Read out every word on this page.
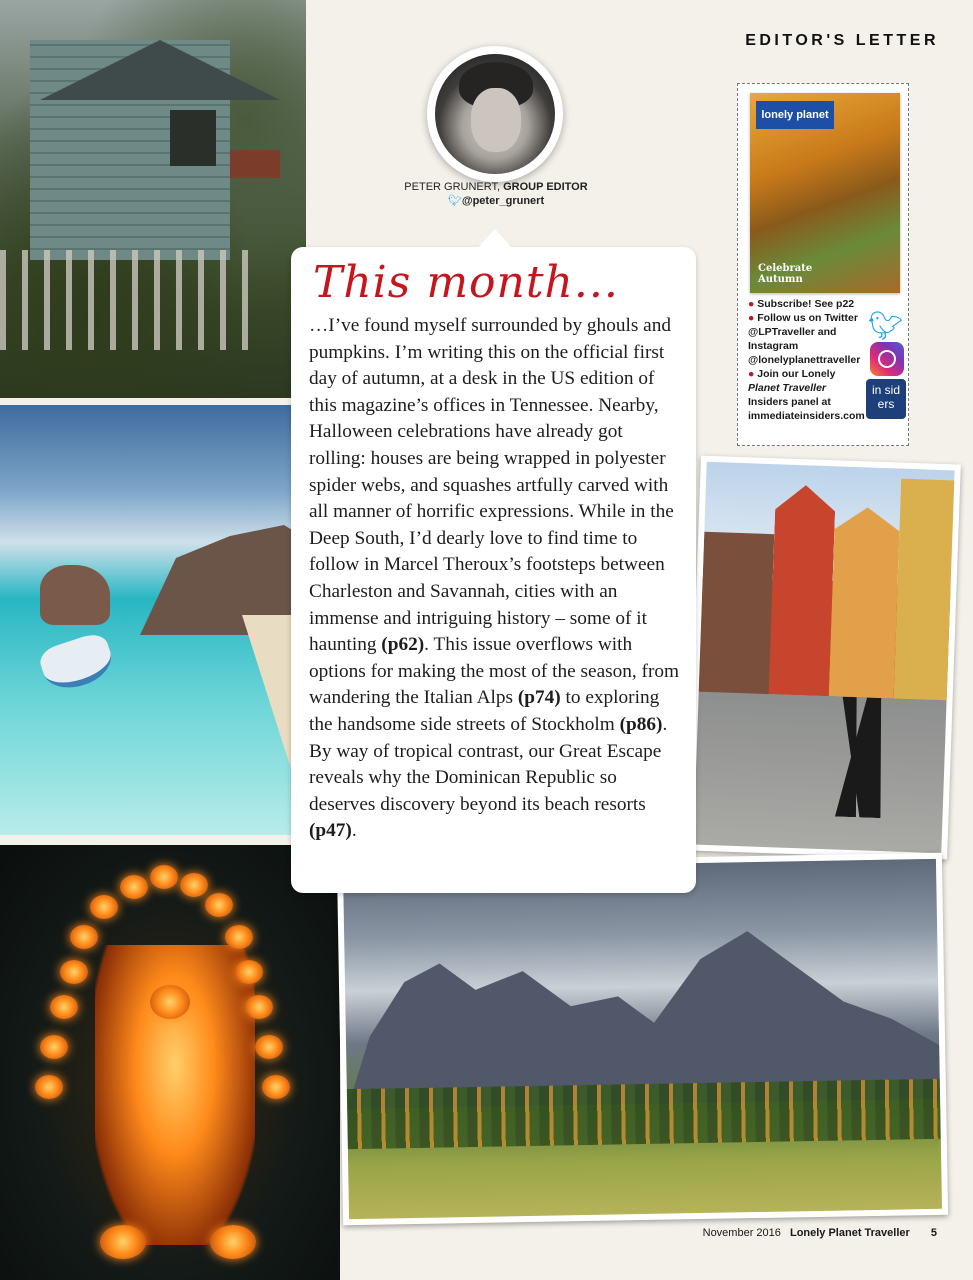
EDITOR'S LETTER
PETER GRUNERT, GROUP EDITOR
🐦︎@peter_grunert
This month...
…I’ve found myself surrounded by ghouls and pumpkins. I’m writing this on the official first day of autumn, at a desk in the US edition of this magazine’s offices in Tennessee. Nearby, Halloween celebrations have already got rolling: houses are being wrapped in polyester spider webs, and squashes artfully carved with all manner of horrific expressions. While in the Deep South, I’d dearly love to find time to follow in Marcel Theroux’s footsteps between Charleston and Savannah, cities with an immense and intriguing history – some of it haunting (p62). This issue overflows with options for making the most of the season, from wandering the Italian Alps (p74) to exploring the handsome side streets of Stockholm (p86). By way of tropical contrast, our Great Escape reveals why the Dominican Republic so deserves discovery beyond its beach resorts (p47).
lonely planet
Celebrate Autumn
● Subscribe! See p22
● Follow us on Twitter
@LPTraveller and
Instagram
@lonelyplanettraveller
● Join our Lonely
Planet Traveller
Insiders panel at
immediateinsiders.com
🐦︎
in sid ers
November 2016 Lonely Planet Traveller 5
